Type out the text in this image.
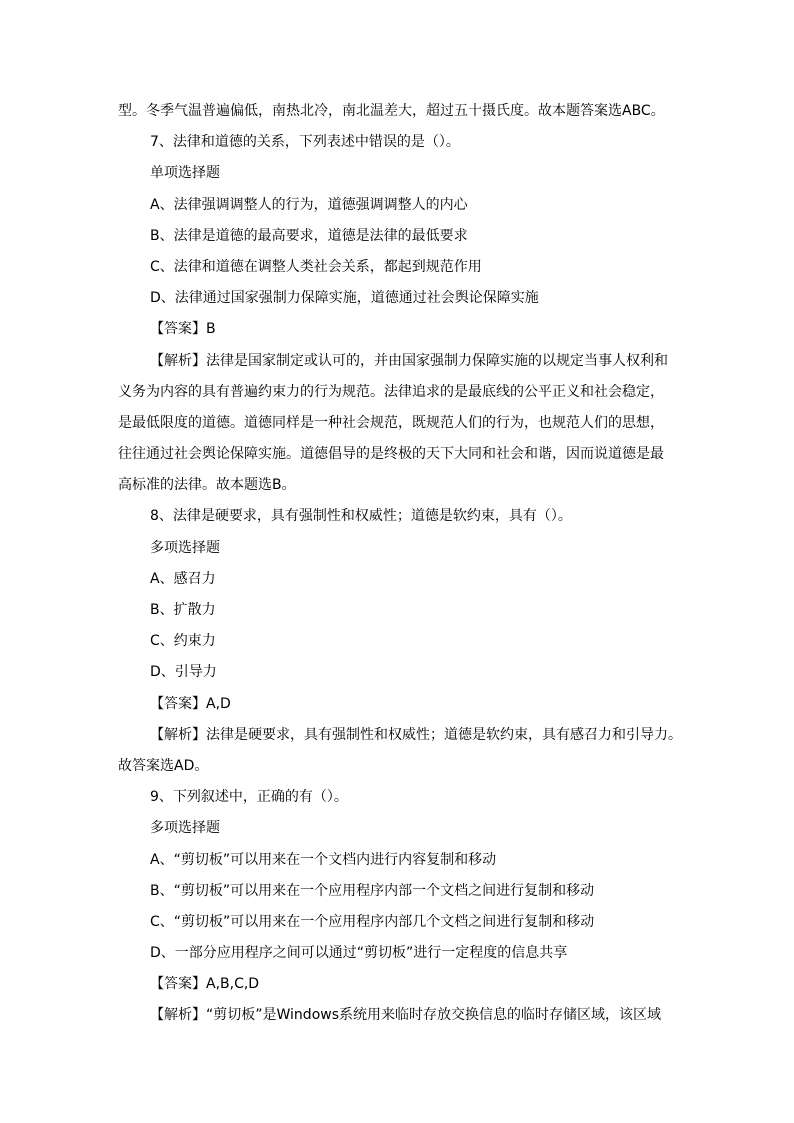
型。冬季气温普遍偏低，南热北冷，南北温差大，超过五十摄氏度。故本题答案选ABC。
7、法律和道德的关系，下列表述中错误的是（）。
单项选择题
A、法律强调调整人的行为，道德强调调整人的内心
B、法律是道德的最高要求，道德是法律的最低要求
C、法律和道德在调整人类社会关系，都起到规范作用
D、法律通过国家强制力保障实施，道德通过社会舆论保障实施
【答案】B
【解析】法律是国家制定或认可的，并由国家强制力保障实施的以规定当事人权利和
义务为内容的具有普遍约束力的行为规范。法律追求的是最底线的公平正义和社会稳定，
是最低限度的道德。道德同样是一种社会规范，既规范人们的行为，也规范人们的思想，
往往通过社会舆论保障实施。道德倡导的是终极的天下大同和社会和谐，因而说道德是最
高标准的法律。故本题选B。
8、法律是硬要求，具有强制性和权威性；道德是软约束，具有（）。
多项选择题
A、感召力
B、扩散力
C、约束力
D、引导力
【答案】A,D
【解析】法律是硬要求，具有强制性和权威性；道德是软约束，具有感召力和引导力。
故答案选AD。
9、下列叙述中，正确的有（）。
多项选择题
A、“剪切板”可以用来在一个文档内进行内容复制和移动
B、“剪切板”可以用来在一个应用程序内部一个文档之间进行复制和移动
C、“剪切板”可以用来在一个应用程序内部几个文档之间进行复制和移动
D、一部分应用程序之间可以通过“剪切板”进行一定程度的信息共享
【答案】A,B,C,D
【解析】“剪切板”是Windows系统用来临时存放交换信息的临时存储区域，该区域
